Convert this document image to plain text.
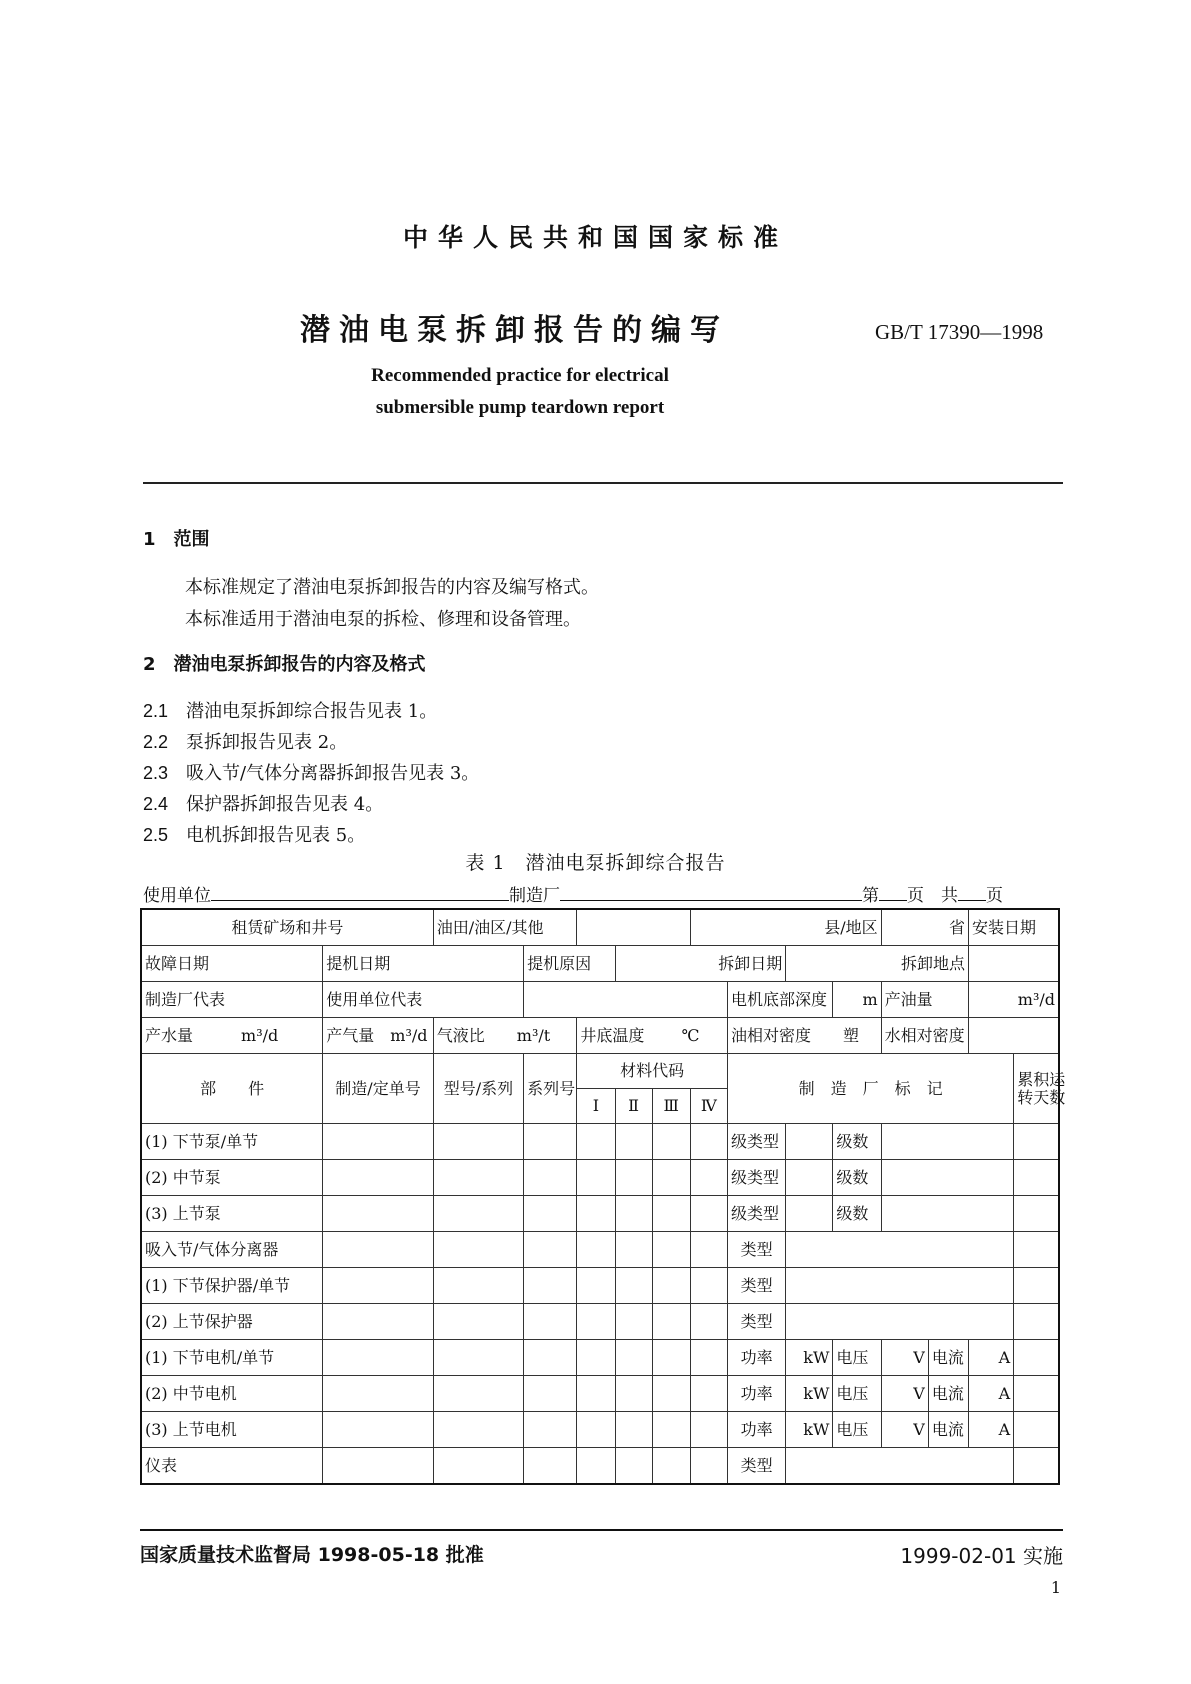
中华人民共和国国家标准
潜油电泵拆卸报告的编写	GB/T 17390—1998
Recommended practice for electrical
submersible pump teardown report
1　范围
本标准规定了潜油电泵拆卸报告的内容及编写格式。
本标准适用于潜油电泵的拆检、修理和设备管理。
2　潜油电泵拆卸报告的内容及格式
2.1　 潜油电泵拆卸综合报告见表 1。
2.2　 泵拆卸报告见表 2。
2.3　 吸入节/气体分离器拆卸报告见表 3。
2.4　 保护器拆卸报告见表 4。
2.5　 电机拆卸报告见表 5。
表 1　潜油电泵拆卸综合报告
使用单位	制造厂	第 页　 共 页
租赁矿场和井号		油田/油区/其他					县/地区				省		安装日期	
故障日期	提机日期		提机原因		拆卸日期				拆卸地点					
制造厂代表	使用单位代表							电机底部深度		m	产油量		m³/d	
产水量　　　 m³/d	产气量　 m³/d	气液比　　 m³/t		井底温度　　 ℃				油相对密度　　 塑			水相对密度			
部　　件	制造/定单号	型号/系列	系列号	材料代码				制　造　厂　标　记						累积运
转天数
				Ⅰ	Ⅱ	Ⅲ	Ⅳ							
(1) 下节泵/单节								级类型		级数				
(2) 中节泵								级类型		级数				
(3) 上节泵								级类型		级数				
吸入节/气体分离器								类型						
(1) 下节保护器/单节								类型						
(2) 上节保护器								类型						
(1) 下节电机/单节								功率	kW	电压	V	电流	A	
(2) 中节电机								功率	kW	电压	V	电流	A	
(3) 上节电机								功率	kW	电压	V	电流	A	
仪表								类型						
国家质量技术监督局 1998-05-18 批准	1999-02-01 实施
1
